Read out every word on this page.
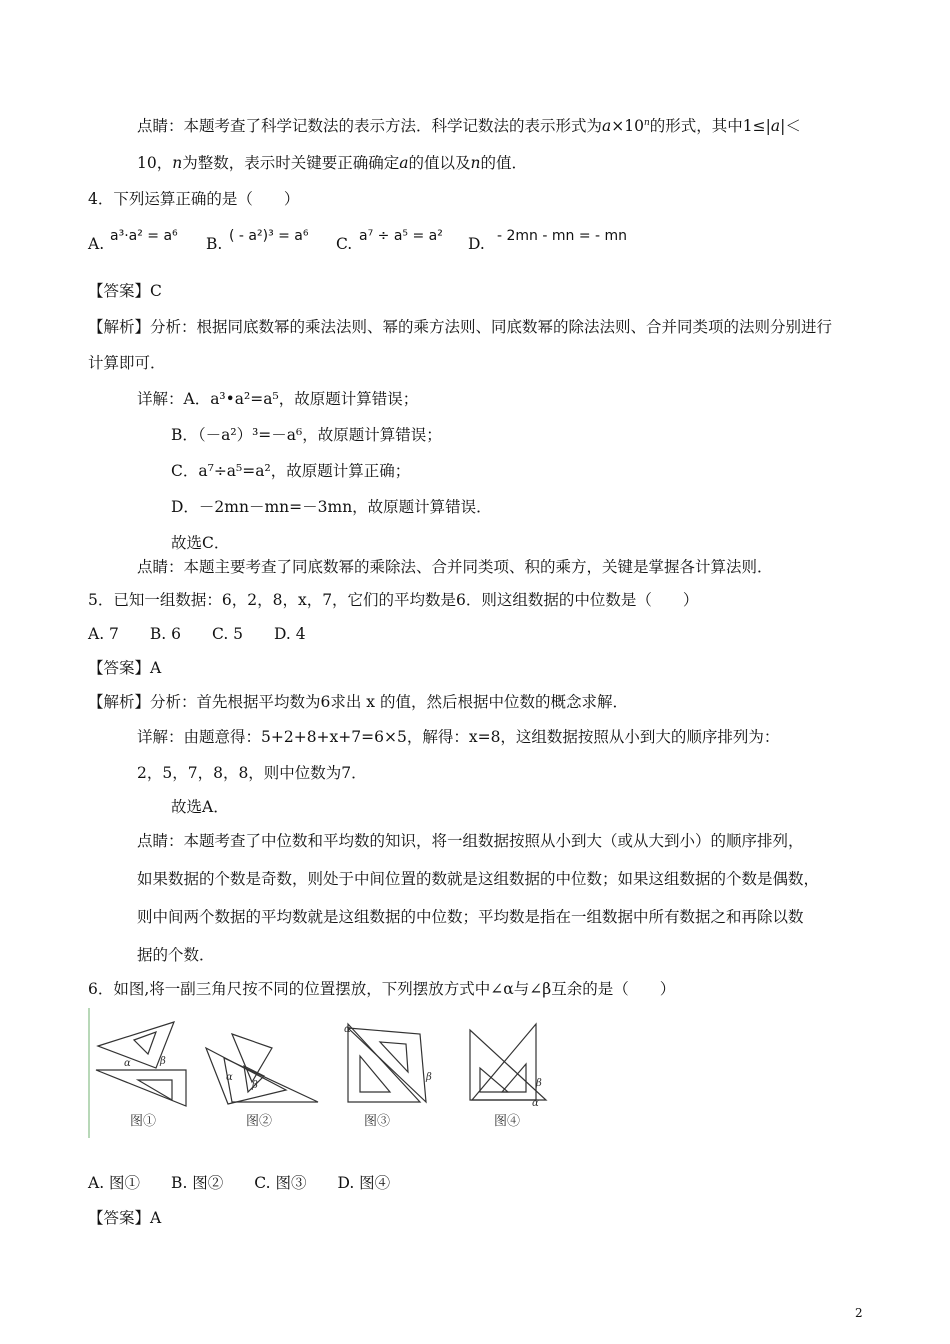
点睛：本题考查了科学记数法的表示方法．科学记数法的表示形式为$a\times 10^n$的形式，其中1≤|a|＜
10，n为整数，表示时关键要正确确定a的值以及n的值．
4．下列运算正确的是（　　）
A. a³·a² = a⁶ B. ( - a²)³ = a⁶ C. a⁷ ÷ a⁵ = a² D. - 2mn - mn = - mn
【答案】C
【解析】分析：根据同底数幂的乘法法则、幂的乘方法则、同底数幂的除法法则、合并同类项的法则分别进行
计算即可．
详解：A．a³•a²=a⁵，故原题计算错误；
B．（－a²）³=－a⁶，故原题计算错误；
C．a⁷÷a⁵=a²，故原题计算正确；
D．－2mn－mn=－3mn，故原题计算错误．
故选C．
点睛：本题主要考查了同底数幂的乘除法、合并同类项、积的乘方，关键是掌握各计算法则．
5．已知一组数据：6，2，8，x，7，它们的平均数是6．则这组数据的中位数是（　　）
A. 7　　B. 6　　C. 5　　D. 4
【答案】A
【解析】分析：首先根据平均数为6求出 x 的值，然后根据中位数的概念求解．
详解：由题意得：5+2+8+x+7=6×5，解得：x=8，这组数据按照从小到大的顺序排列为：
2，5，7，8，8，则中位数为7．
故选A．
点睛：本题考查了中位数和平均数的知识，将一组数据按照从小到大（或从大到小）的顺序排列，
如果数据的个数是奇数，则处于中间位置的数就是这组数据的中位数；如果这组数据的个数是偶数，
则中间两个数据的平均数就是这组数据的中位数；平均数是指在一组数据中所有数据之和再除以数
据的个数．
6．如图,将一副三角尺按不同的位置摆放，下列摆放方式中∠α与∠β互余的是（　　）
α	β
图①
α
β
图②
α
β
图③
β
α
图④
A. 图①　　B. 图②　　C. 图③　　D. 图④
【答案】A
2
